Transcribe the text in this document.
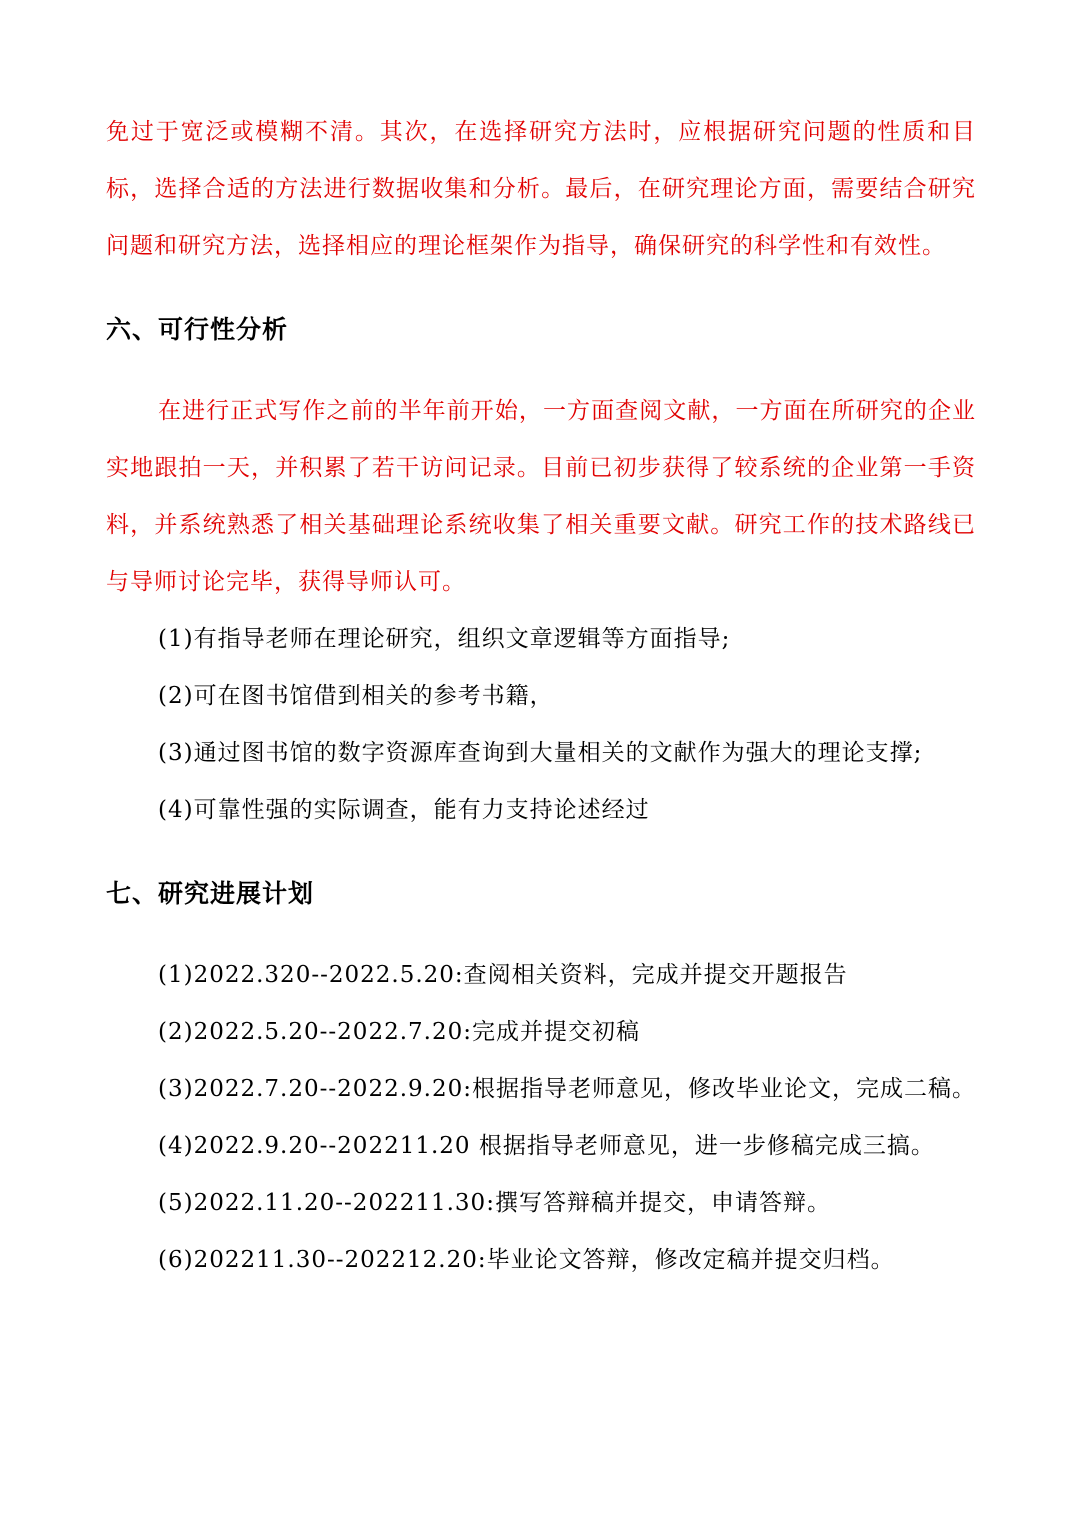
免过于宽泛或模糊不清。其次，在选择研究方法时，应根据研究问题的性质和目标，选择合适的方法进行数据收集和分析。最后，在研究理论方面，需要结合研究问题和研究方法，选择相应的理论框架作为指导，确保研究的科学性和有效性。

六、可行性分析

在进行正式写作之前的半年前开始，一方面查阅文献，一方面在所研究的企业实地跟拍一天，并积累了若干访问记录。目前已初步获得了较系统的企业第一手资料，并系统熟悉了相关基础理论系统收集了相关重要文献。研究工作的技术路线已与导师讨论完毕，获得导师认可。

(1)有指导老师在理论研究，组织文章逻辑等方面指导;

(2)可在图书馆借到相关的参考书籍，

(3)通过图书馆的数字资源库查询到大量相关的文献作为强大的理论支撑;

(4)可靠性强的实际调查，能有力支持论述经过

七、研究进展计划

(1)2022.320--2022.5.20:查阅相关资料，完成并提交开题报告

(2)2022.5.20--2022.7.20:完成并提交初稿

(3)2022.7.20--2022.9.20:根据指导老师意见，修改毕业论文，完成二稿。

(4)2022.9.20--202211.20 根据指导老师意见，进一步修稿完成三搞。

(5)2022.11.20--202211.30:撰写答辩稿并提交，申请答辩。

(6)202211.30--202212.20:毕业论文答辩，修改定稿并提交归档。
